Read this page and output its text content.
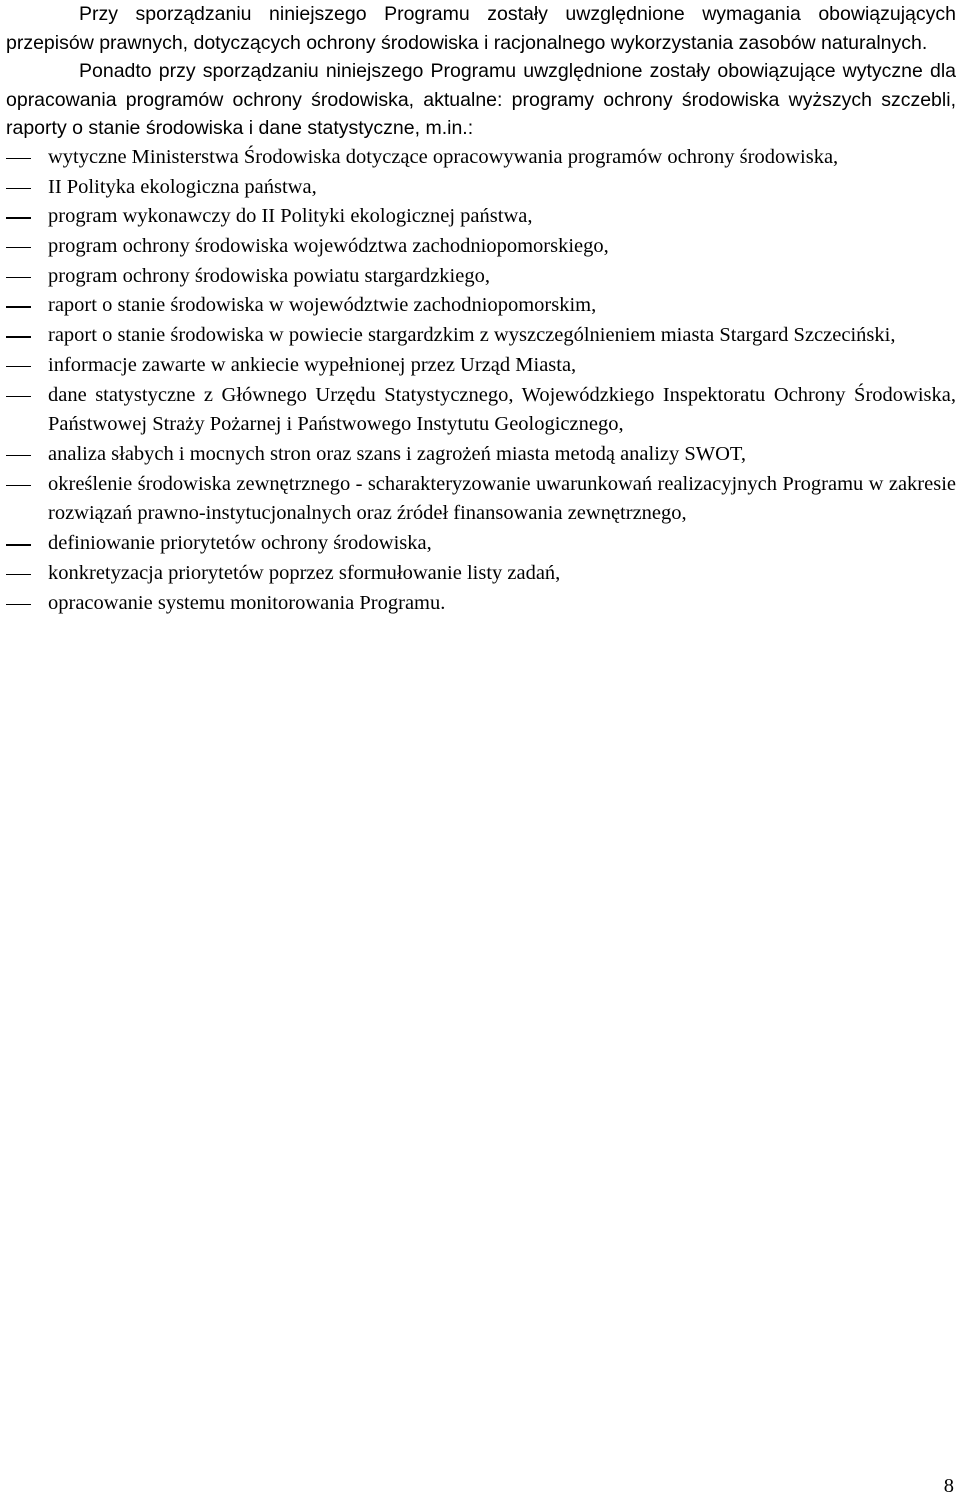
Przy sporządzaniu niniejszego Programu zostały uwzględnione wymagania obowiązujących przepisów prawnych, dotyczących ochrony środowiska i racjonalnego wykorzystania zasobów naturalnych.

Ponadto przy sporządzaniu niniejszego Programu uwzględnione zostały obowiązujące wytyczne dla opracowania programów ochrony środowiska, aktualne: programy ochrony środowiska wyższych szczebli, raporty o stanie środowiska i dane statystyczne, m.in.:

wytyczne Ministerstwa Środowiska dotyczące opracowywania programów ochrony środowiska,
II Polityka ekologiczna państwa,
program wykonawczy do II Polityki ekologicznej państwa,
program ochrony środowiska województwa zachodniopomorskiego,
program ochrony środowiska powiatu stargardzkiego,
raport o stanie środowiska w województwie zachodniopomorskim,
raport o stanie środowiska w powiecie stargardzkim z wyszczególnieniem miasta Stargard Szczeciński,
informacje zawarte w ankiecie wypełnionej przez Urząd Miasta,
dane statystyczne z Głównego Urzędu Statystycznego, Wojewódzkiego Inspektoratu Ochrony Środowiska, Państwowej Straży Pożarnej i Państwowego Instytutu Geologicznego,
analiza słabych i mocnych stron oraz szans i zagrożeń miasta metodą analizy SWOT,
określenie środowiska zewnętrznego - scharakteryzowanie uwarunkowań realizacyjnych Programu w zakresie rozwiązań prawno-instytucjonalnych oraz źródeł finansowania zewnętrznego,
definiowanie priorytetów ochrony środowiska,
konkretyzacja priorytetów poprzez sformułowanie listy zadań,
opracowanie systemu monitorowania Programu.
8
